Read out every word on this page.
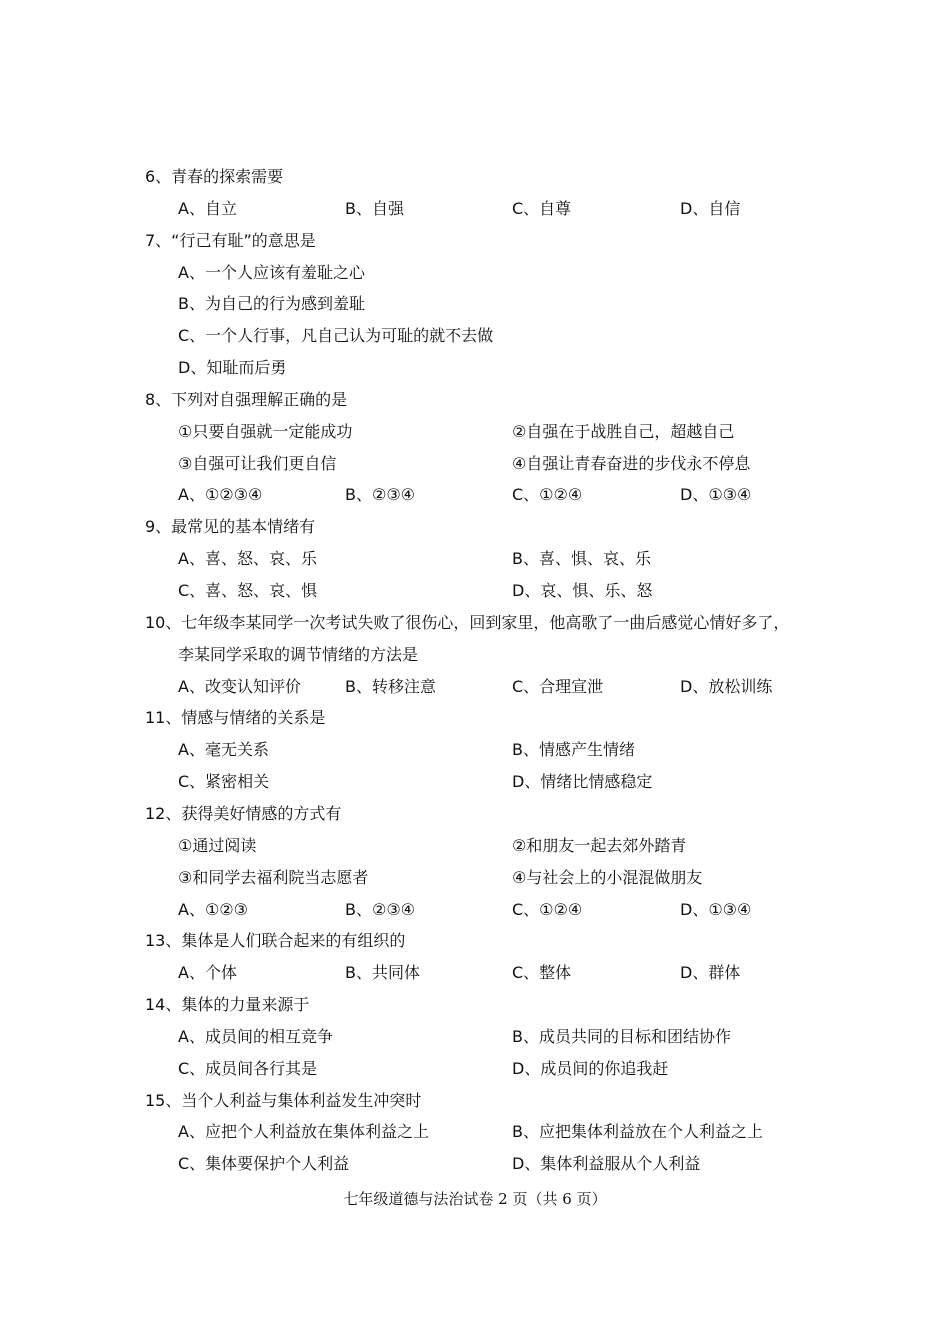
6、青春的探索需要
A、自立	B、自强	C、自尊	D、自信
7、“行己有耻”的意思是
A、一个人应该有羞耻之心
B、为自己的行为感到羞耻
C、一个人行事，凡自己认为可耻的就不去做
D、知耻而后勇
8、下列对自强理解正确的是
①只要自强就一定能成功	②自强在于战胜自己，超越自己
③自强可让我们更自信	④自强让青春奋进的步伐永不停息
A、①②③④	B、②③④	C、①②④	D、①③④
9、最常见的基本情绪有
A、喜、怒、哀、乐	B、喜、惧、哀、乐
C、喜、怒、哀、惧	D、哀、惧、乐、怒
10、七年级李某同学一次考试失败了很伤心，回到家里，他高歌了一曲后感觉心情好多了，
李某同学采取的调节情绪的方法是
A、改变认知评价	B、转移注意	C、合理宣泄	D、放松训练
11、情感与情绪的关系是
A、毫无关系	B、情感产生情绪
C、紧密相关	D、情绪比情感稳定
12、获得美好情感的方式有
①通过阅读	②和朋友一起去郊外踏青
③和同学去福利院当志愿者	④与社会上的小混混做朋友
A、①②③	B、②③④	C、①②④	D、①③④
13、集体是人们联合起来的有组织的
A、个体	B、共同体	C、整体	D、群体
14、集体的力量来源于
A、成员间的相互竞争	B、成员共同的目标和团结协作
C、成员间各行其是	D、成员间的你追我赶
15、当个人利益与集体利益发生冲突时
A、应把个人利益放在集体利益之上	B、应把集体利益放在个人利益之上
C、集体要保护个人利益	D、集体利益服从个人利益
七年级道德与法治试卷 2 页（共 6 页）
